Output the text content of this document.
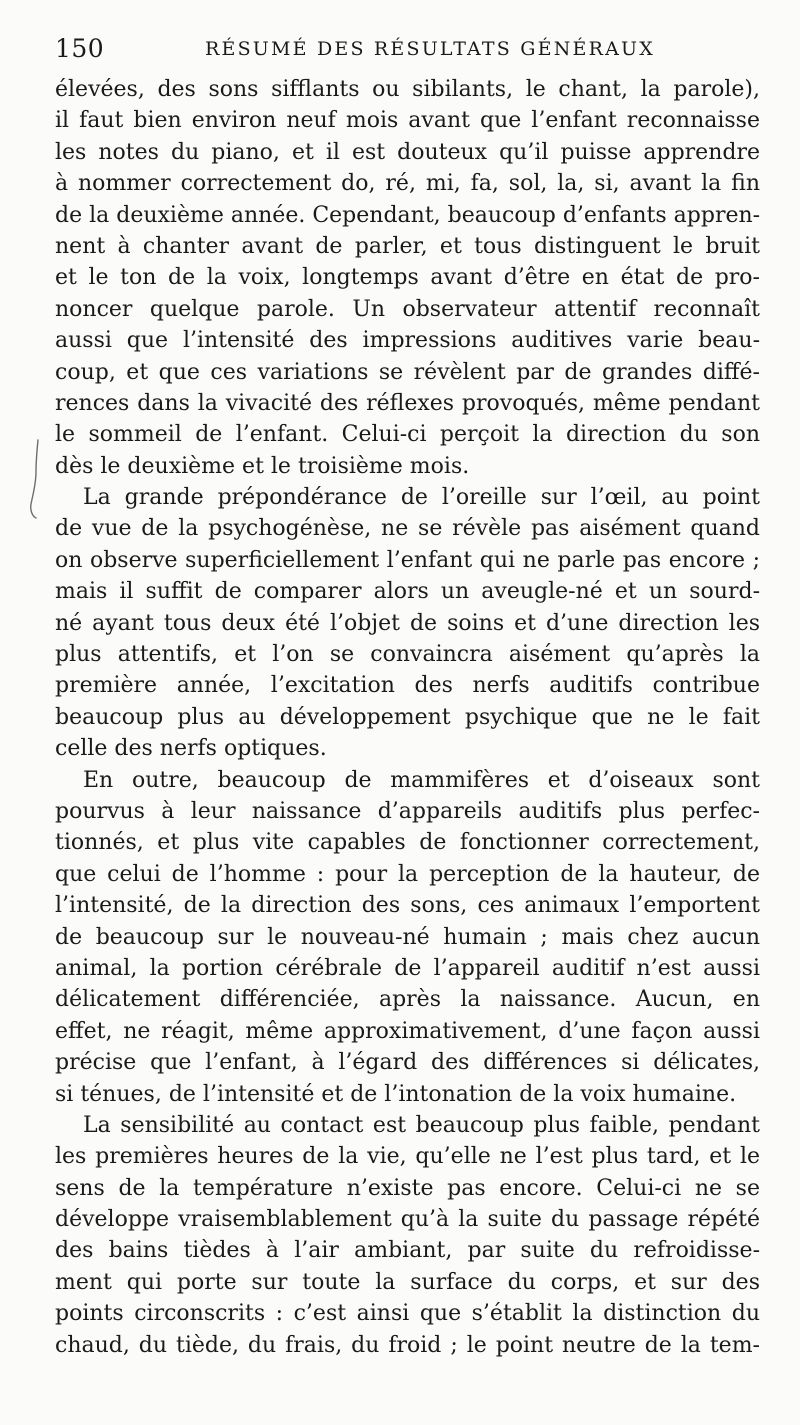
150	RÉSUMÉ DES RÉSULTATS GÉNÉRAUX
élevées, des sons sifflants ou sibilants, le chant, la parole),
il faut bien environ neuf mois avant que l’enfant reconnaisse
les notes du piano, et il est douteux qu’il puisse apprendre
à nommer correctement do, ré, mi, fa, sol, la, si, avant la fin
de la deuxième année. Cependant, beaucoup d’enfants appren-
nent à chanter avant de parler, et tous distinguent le bruit
et le ton de la voix, longtemps avant d’être en état de pro-
noncer quelque parole. Un observateur attentif reconnaît
aussi que l’intensité des impressions auditives varie beau-
coup, et que ces variations se révèlent par de grandes diffé-
rences dans la vivacité des réflexes provoqués, même pendant
le sommeil de l’enfant. Celui-ci perçoit la direction du son
dès le deuxième et le troisième mois.
La grande prépondérance de l’oreille sur l’œil, au point
de vue de la psychogénèse, ne se révèle pas aisément quand
on observe superficiellement l’enfant qui ne parle pas encore ;
mais il suffit de comparer alors un aveugle-né et un sourd-
né ayant tous deux été l’objet de soins et d’une direction les
plus attentifs, et l’on se convaincra aisément qu’après la
première année, l’excitation des nerfs auditifs contribue
beaucoup plus au développement psychique que ne le fait
celle des nerfs optiques.
En outre, beaucoup de mammifères et d’oiseaux sont
pourvus à leur naissance d’appareils auditifs plus perfec-
tionnés, et plus vite capables de fonctionner correctement,
que celui de l’homme : pour la perception de la hauteur, de
l’intensité, de la direction des sons, ces animaux l’emportent
de beaucoup sur le nouveau-né humain ; mais chez aucun
animal, la portion cérébrale de l’appareil auditif n’est aussi
délicatement différenciée, après la naissance. Aucun, en
effet, ne réagit, même approximativement, d’une façon aussi
précise que l’enfant, à l’égard des différences si délicates,
si ténues, de l’intensité et de l’intonation de la voix humaine.
La sensibilité au contact est beaucoup plus faible, pendant
les premières heures de la vie, qu’elle ne l’est plus tard, et le
sens de la température n’existe pas encore. Celui-ci ne se
développe vraisemblablement qu’à la suite du passage répété
des bains tièdes à l’air ambiant, par suite du refroidisse-
ment qui porte sur toute la surface du corps, et sur des
points circonscrits : c’est ainsi que s’établit la distinction du
chaud, du tiède, du frais, du froid ; le point neutre de la tem-
